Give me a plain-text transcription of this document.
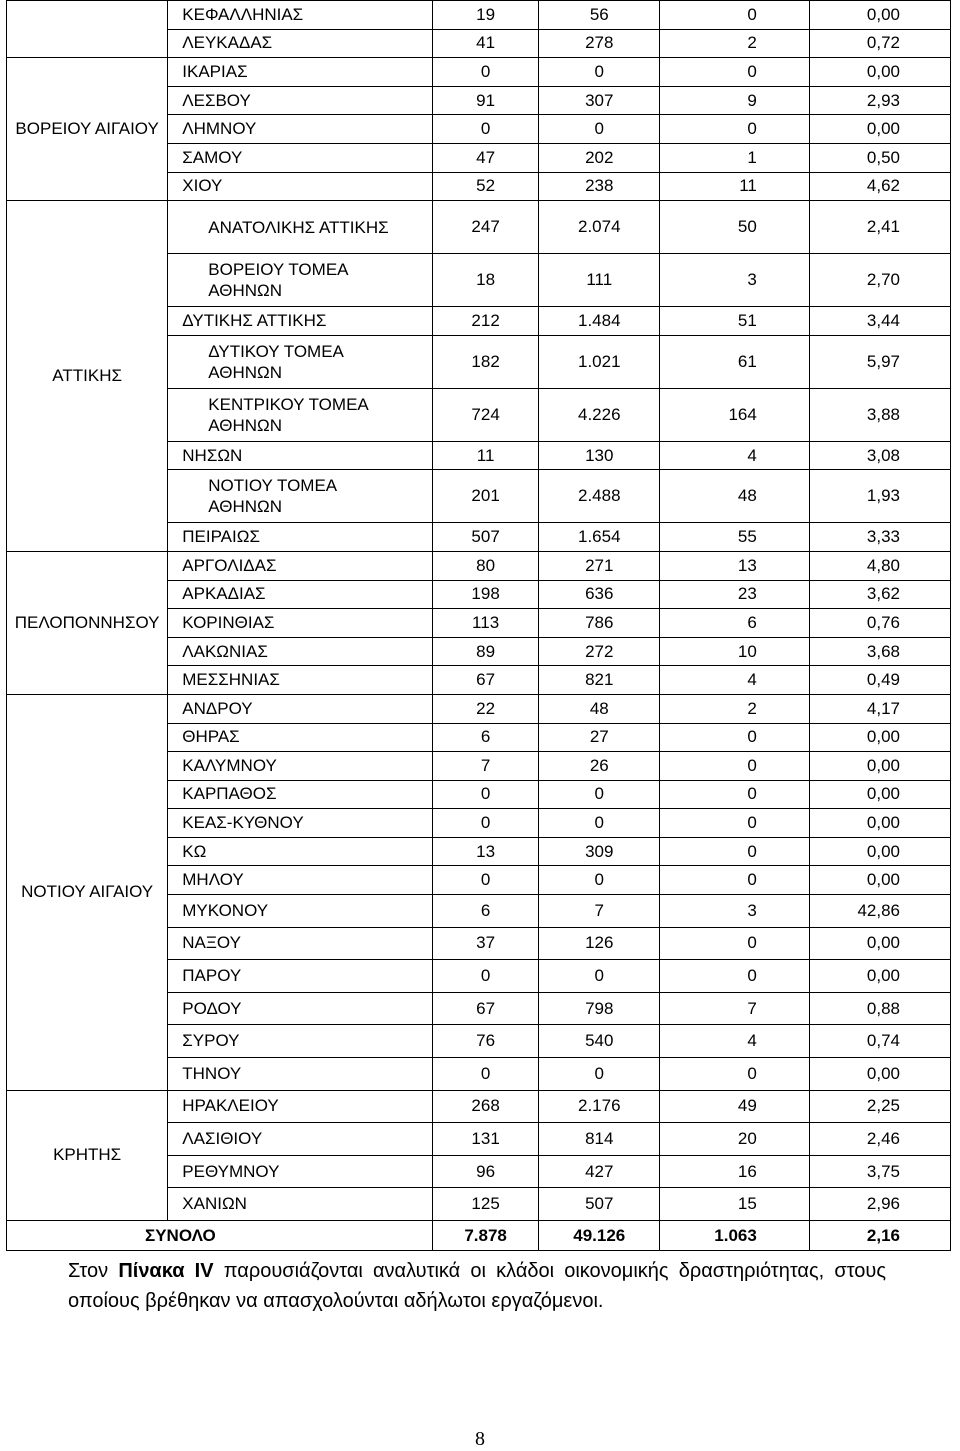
	ΚΕΦΑΛΛΗΝΙΑΣ	19	56	0	0,00
	ΛΕΥΚΑΔΑΣ	41	278	2	0,72
ΒΟΡΕΙΟΥ ΑΙΓΑΙΟΥ	ΙΚΑΡΙΑΣ	0	0	0	0,00
	ΛΕΣΒΟΥ	91	307	9	2,93
	ΛΗΜΝΟΥ	0	0	0	0,00
	ΣΑΜΟΥ	47	202	1	0,50
	ΧΙΟΥ	52	238	11	4,62
ΑΤΤΙΚΗΣ	ΑΝΑΤΟΛΙΚΗΣ ΑΤΤΙΚΗΣ	247	2.074	50	2,41
	ΒΟΡΕΙΟΥ ΤΟΜΕΑ ΑΘΗΝΩΝ	18	111	3	2,70
	ΔΥΤΙΚΗΣ ΑΤΤΙΚΗΣ	212	1.484	51	3,44
	ΔΥΤΙΚΟΥ ΤΟΜΕΑ ΑΘΗΝΩΝ	182	1.021	61	5,97
	ΚΕΝΤΡΙΚΟΥ ΤΟΜΕΑ ΑΘΗΝΩΝ	724	4.226	164	3,88
	ΝΗΣΩΝ	11	130	4	3,08
	ΝΟΤΙΟΥ ΤΟΜΕΑ ΑΘΗΝΩΝ	201	2.488	48	1,93
	ΠΕΙΡΑΙΩΣ	507	1.654	55	3,33
ΠΕΛΟΠΟΝΝΗΣΟΥ	ΑΡΓΟΛΙΔΑΣ	80	271	13	4,80
	ΑΡΚΑΔΙΑΣ	198	636	23	3,62
	ΚΟΡΙΝΘΙΑΣ	113	786	6	0,76
	ΛΑΚΩΝΙΑΣ	89	272	10	3,68
	ΜΕΣΣΗΝΙΑΣ	67	821	4	0,49
ΝΟΤΙΟΥ ΑΙΓΑΙΟΥ	ΑΝΔΡΟΥ	22	48	2	4,17
	ΘΗΡΑΣ	6	27	0	0,00
	ΚΑΛΥΜΝΟΥ	7	26	0	0,00
	ΚΑΡΠΑΘΟΣ	0	0	0	0,00
	ΚΕΑΣ-ΚΥΘΝΟΥ	0	0	0	0,00
	ΚΩ	13	309	0	0,00
	ΜΗΛΟΥ	0	0	0	0,00
	ΜΥΚΟΝΟΥ	6	7	3	42,86
	ΝΑΞΟΥ	37	126	0	0,00
	ΠΑΡΟΥ	0	0	0	0,00
	ΡΟΔΟΥ	67	798	7	0,88
	ΣΥΡΟΥ	76	540	4	0,74
	ΤΗΝΟΥ	0	0	0	0,00
ΚΡΗΤΗΣ	ΗΡΑΚΛΕΙΟΥ	268	2.176	49	2,25
	ΛΑΣΙΘΙΟΥ	131	814	20	2,46
	ΡΕΘΥΜΝΟΥ	96	427	16	3,75
	ΧΑΝΙΩΝ	125	507	15	2,96
ΣΥΝΟΛΟ		7.878	49.126	1.063	2,16
Στον Πίνακα IV παρουσιάζονται αναλυτικά οι κλάδοι οικονομικής δραστηριότητας, στους οποίους βρέθηκαν να απασχολούνται αδήλωτοι εργαζόμενοι.
8
